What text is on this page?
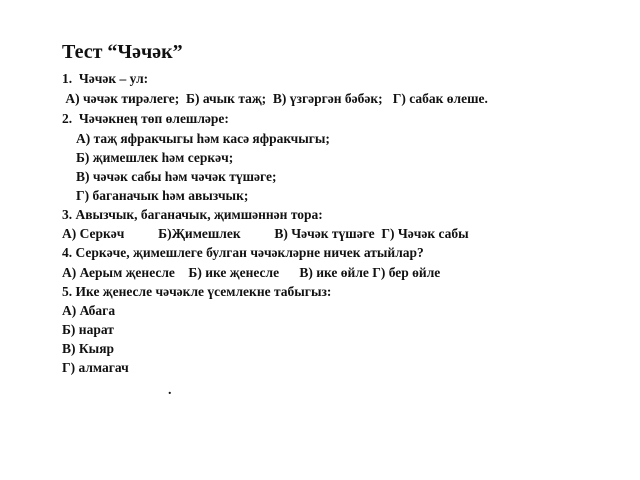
Тест “Чәчәк”
1.  Чәчәк – ул:
А) чәчәк тирәлеге;  Б) ачык таҗ;  В) үзгәргән бәбәк;   Г) сабак өлеше.
2.  Чәчәкнең төп өлешләре:
А) таҗ яфракчыгы һәм касә яфракчыгы;
Б) җимешлек һәм серкәч;
В) чәчәк сабы һәм чәчәк түшәге;
Г) баганачык һәм авызчык;
3. Авызчык, баганачык, җимшәннән тора:
А) Серкәч          Б)Җимешлек          В) Чәчәк түшәге  Г) Чәчәк сабы
4. Серкәче, җимешлеге булган чәчәкләрне ничек атыйлар?
А) Аерым җенесле    Б) ике җенесле      В) ике өйле Г) бер өйле
5. Ике җенесле чәчәкле үсемлекне табыгыз:
А) Абага
Б) нарат
В) Кыяр
Г) алмагач
.
